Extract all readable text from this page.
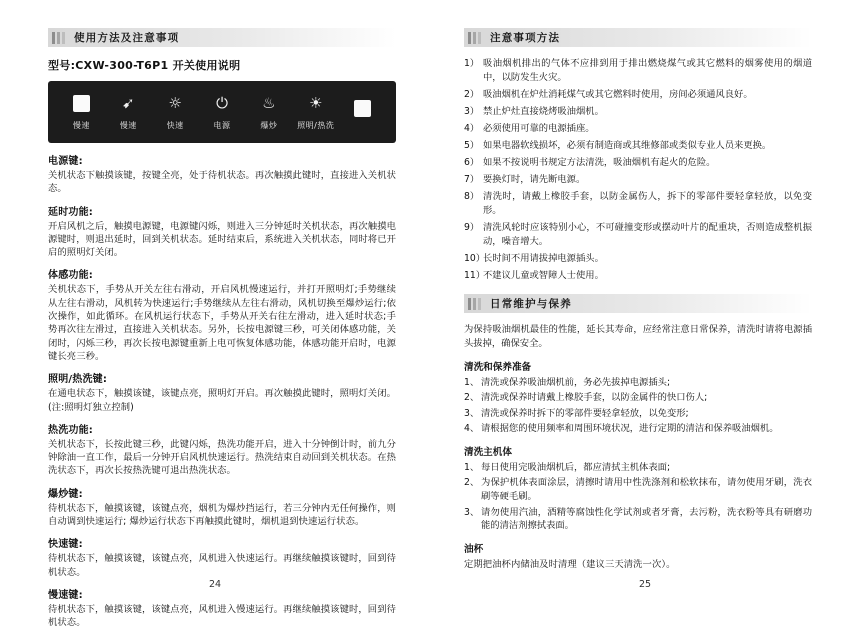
使用方法及注意事项
型号:CXW-300-T6P1 开关使用说明
慢速
➹
慢速
☼
快速
⏻
电源
♨
爆炒
☀
照明/热洗
电源键:

关机状态下触摸该键，按键全亮，处于待机状态。再次触摸此键时，直接进入关机状态。

延时功能:

开启风机之后，触摸电源键，电源键闪烁，则进入三分钟延时关机状态，再次触摸电源键时，则退出延时，回到关机状态。延时结束后，系统进入关机状态，同时将已开启的照明灯关闭。

体感功能:

关机状态下，手势从开关左往右滑动，开启风机慢速运行，并打开照明灯;手势继续从左往右滑动，风机转为快速运行;手势继续从左往右滑动，风机切换至爆炒运行;依次操作，如此循环。在风机运行状态下，手势从开关右往左滑动，进入延时状态;手势再次往左滑过，直接进入关机状态。另外，长按电源键三秒，可关闭体感功能，关闭时，闪烁三秒，再次长按电源键重新上电可恢复体感功能，体感功能开启时，电源键长亮三秒。

照明/热洗键:

在通电状态下，触摸该键，该键点亮，照明灯开启。再次触摸此键时，照明灯关闭。(注:照明灯独立控制)

热洗功能:

关机状态下，长按此键三秒，此键闪烁，热洗功能开启，进入十分钟倒计时，前九分钟除油一直工作，最后一分钟开启风机快速运行。热洗结束自动回到关机状态。在热洗状态下，再次长按热洗键可退出热洗状态。

爆炒键:

待机状态下，触摸该键，该键点亮，烟机为爆炒挡运行，若三分钟内无任何操作，则自动调到快速运行; 爆炒运行状态下再触摸此键时，烟机退到快速运行状态。

快速键:

待机状态下，触摸该键，该键点亮，风机进入快速运行。再继续触摸该键时，回到待机状态。

慢速键:

待机状态下，触摸该键，该键点亮，风机进入慢速运行。再继续触摸该键时，回到待机状态。

24
注意事项方法
1） 吸油烟机排出的气体不应排到用于排出燃烧煤气或其它燃料的烟雾使用的烟道中，以防发生火灾。
2） 吸油烟机在炉灶消耗煤气或其它燃料时使用，房间必须通风良好。
3） 禁止炉灶直接烧烤吸油烟机。
4） 必须使用可靠的电源插座。
5） 如果电器软线损坏，必须有制造商或其维修部或类似专业人员来更换。
6） 如果不按说明书规定方法清洗，吸油烟机有起火的危险。
7） 要换灯时，请先断电源。
8） 清洗时，请戴上橡胶手套，以防金属伤人，拆下的零部件要轻拿轻放，以免变形。
9） 清洗风轮时应该特别小心，不可碰撞变形或摆动叶片的配重块，否则造成整机振动，噪音增大。
10）
长时间不用请拔掉电源插头。
11）
不建议儿童或智障人士使用。
日常维护与保养

为保持吸油烟机最佳的性能，延长其寿命，应经常注意日常保养，清洗时请将电源插头拔掉，确保安全。

清洗和保养准备
1、 清洗或保养吸油烟机前，务必先拔掉电源插头;
2、 清洗或保养时请戴上橡胶手套，以防金属件的快口伤人;
3、 清洗或保养时拆下的零部件要轻拿轻放，以免变形;
4、 请根据您的使用频率和周围环境状况，进行定期的清洁和保养吸油烟机。
清洗主机体
1、 每日使用完吸油烟机后，都应清拭主机体表面;
2、 为保护机体表面涂层，清擦时请用中性洗涤剂和松软抹布，请勿使用牙刷，洗衣刷等硬毛刷。
3、 请勿使用汽油，酒精等腐蚀性化学试剂或者牙膏，去污粉，洗衣粉等具有研磨功能的清洁剂擦拭表面。
油杯

定期把油杯内储油及时清理（建议三天清洗一次）。

25
